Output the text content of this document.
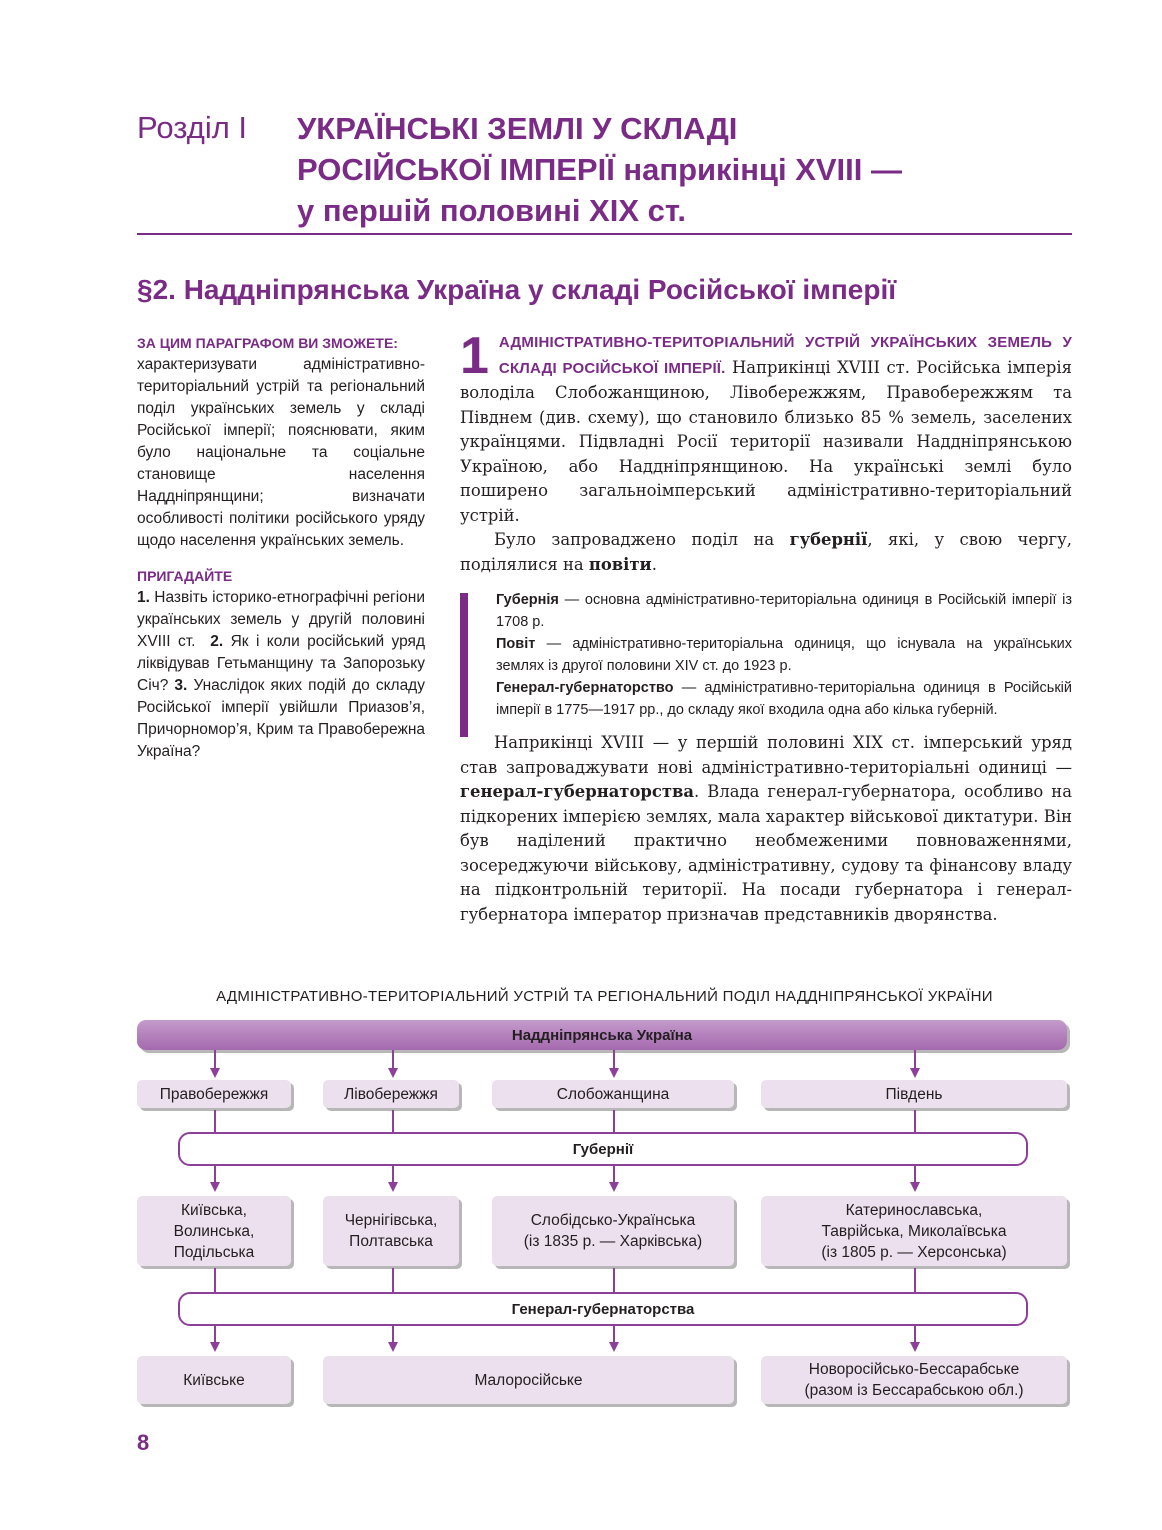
Розділ I УКРАЇНСЬКІ ЗЕМЛІ У СКЛАДІ
РОСІЙСЬКОЇ ІМПЕРІЇ наприкінці XVIII —
у першій половині XIX ст.
§2. Наддніпрянська Україна у складі Російської імперії
ЗА ЦИМ ПАРАГРАФОМ ВИ ЗМОЖЕТЕ:
характеризувати адміністративно-територіальний устрій та регіональний поділ українських земель у складі Російської імперії; пояснювати, яким було національне та соціальне становище населення Наддніпрянщини; визначати особливості політики російського уряду щодо населення українських земель.
ПРИГАДАЙТЕ
1. Назвіть історико-етнографічні регіони українських земель у другій половині XVIII ст. 2. Як і коли російський уряд ліквідував Гетьманщину та Запорозьку Січ? 3. Унаслідок яких подій до складу Російської імперії увійшли Приазов’я, Причорномор’я, Крим та Правобережна Україна?
1 АДМІНІСТРАТИВНО-ТЕРИТОРІАЛЬНИЙ УСТРІЙ УКРАЇНСЬКИХ ЗЕМЕЛЬ У СКЛАДІ РОСІЙСЬКОЇ ІМПЕРІЇ. Наприкінці XVIII ст. Російська імперія володіла Слобожанщиною, Лівобережжям, Правобережжям та Півднем (див. схему), що становило близько 85 % земель, заселених українцями. Підвладні Росії території називали Наддніпрянською Україною, або Наддніпрянщиною. На українські землі було поширено загальноімперський адміністративно-територіальний устрій.

Було запроваджено поділ на губернії, які, у свою чергу, поділялися на повіти.

Губернія — основна адміністративно-територіальна одиниця в Російській імперії із 1708 р.

Повіт — адміністративно-територіальна одиниця, що існувала на українських землях із другої половини XIV ст. до 1923 р.

Генерал-губернаторство — адміністративно-територіальна одиниця в Російській імперії в 1775—1917 рр., до складу якої входила одна або кілька губерній.

Наприкінці XVIII — у першій половині XIX ст. імперський уряд став запроваджувати нові адміністративно-територіальні одиниці — генерал-губернаторства. Влада генерал-губернатора, особливо на підкорених імперією землях, мала характер військової диктатури. Він був наділений практично необмеженими повноваженнями, зосереджуючи військову, адміністративну, судову та фінансову владу на підконтрольній території. На посади губернатора і генерал-губернатора імператор призначав представників дворянства.

АДМІНІСТРАТИВНО-ТЕРИТОРІАЛЬНИЙ УСТРІЙ ТА РЕГІОНАЛЬНИЙ ПОДІЛ НАДДНІПРЯНСЬКОЇ УКРАЇНИ
Наддніпрянська Україна
Правобережжя	Лівобережжя	Слобожанщина	Південь
Губернії
Київська,
Волинська,
Подільська
Чернігівська,
Полтавська
Слобідсько-Українська
(із 1835 р. — Харківська)
Катеринославська,
Таврійська, Миколаївська
(із 1805 р. — Херсонська)
Генерал-губернаторства
Київське	Малоросійське
Новоросійсько-Бессарабське
(разом із Бессарабською обл.)
8
